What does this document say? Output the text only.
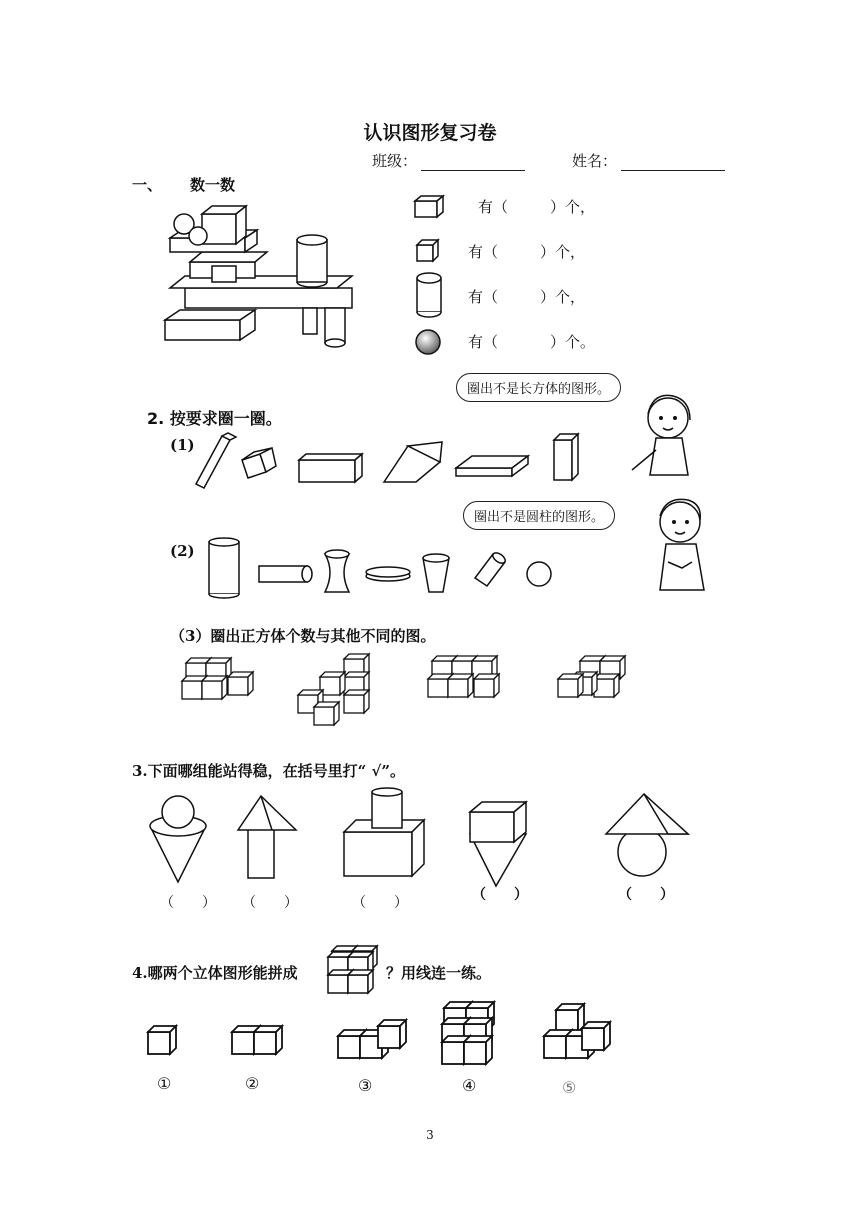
认识图形复习卷
班级：	姓名：
一、 数一数
有（	）个，
有（	）个，
有（	）个，
有（	）个。
2. 按要求圈一圈。
圈出不是长方体的图形。
圈出不是圆柱的图形。
(1)
(2)
（3）圈出正方体个数与其他不同的图。
3.下面哪组能站得稳，在括号里打“ √”。
（　　） （　　）	（　　）	（　　）	（　　）
4.哪两个立体图形能拼成	？用线连一练。
①	②	③	④	⑤
3
